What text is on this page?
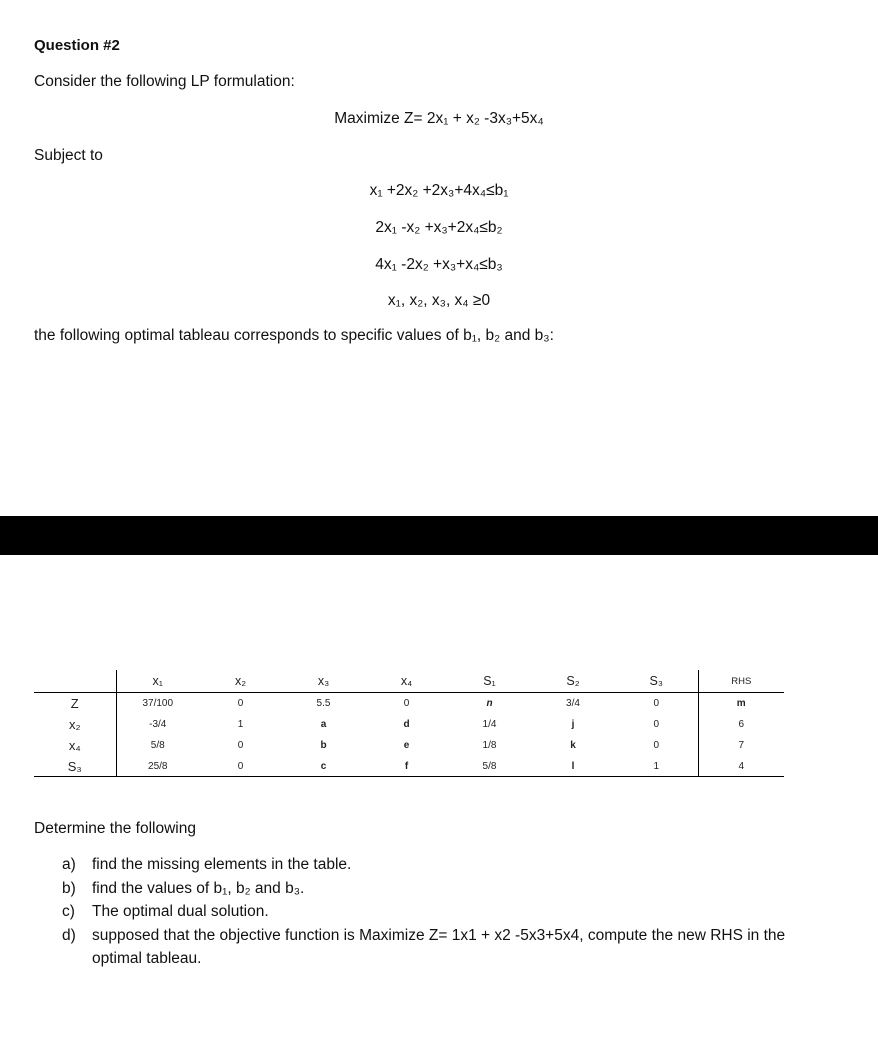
Question #2
Consider the following LP formulation:
Maximize Z= 2x₁ + x₂ -3x₃+5x₄
Subject to
x₁ +2x₂ +2x₃+4x₄≤b₁
2x₁ -x₂ +x₃+2x₄≤b₂
4x₁ -2x₂ +x₃+x₄≤b₃
x₁, x₂, x₃, x₄ ≥0
the following optimal tableau corresponds to specific values of b₁, b₂ and b₃:
	x₁	x₂	x₃	x₄	S₁	S₂	S₃	RHS
Z	37/100	0	5.5	0	n	3/4	0	m
x₂	-3/4	1	a	d	1/4	j	0	6
x₄	5/8	0	b	e	1/8	k	0	7
S₃	25/8	0	c	f	5/8	l	1	4
Determine the following
a) find the missing elements in the table.
b) find the values of b₁, b₂ and b₃.
c) The optimal dual solution.
d) supposed that the objective function is Maximize Z= 1x1 + x2 -5x3+5x4, compute the new RHS in the optimal tableau.
